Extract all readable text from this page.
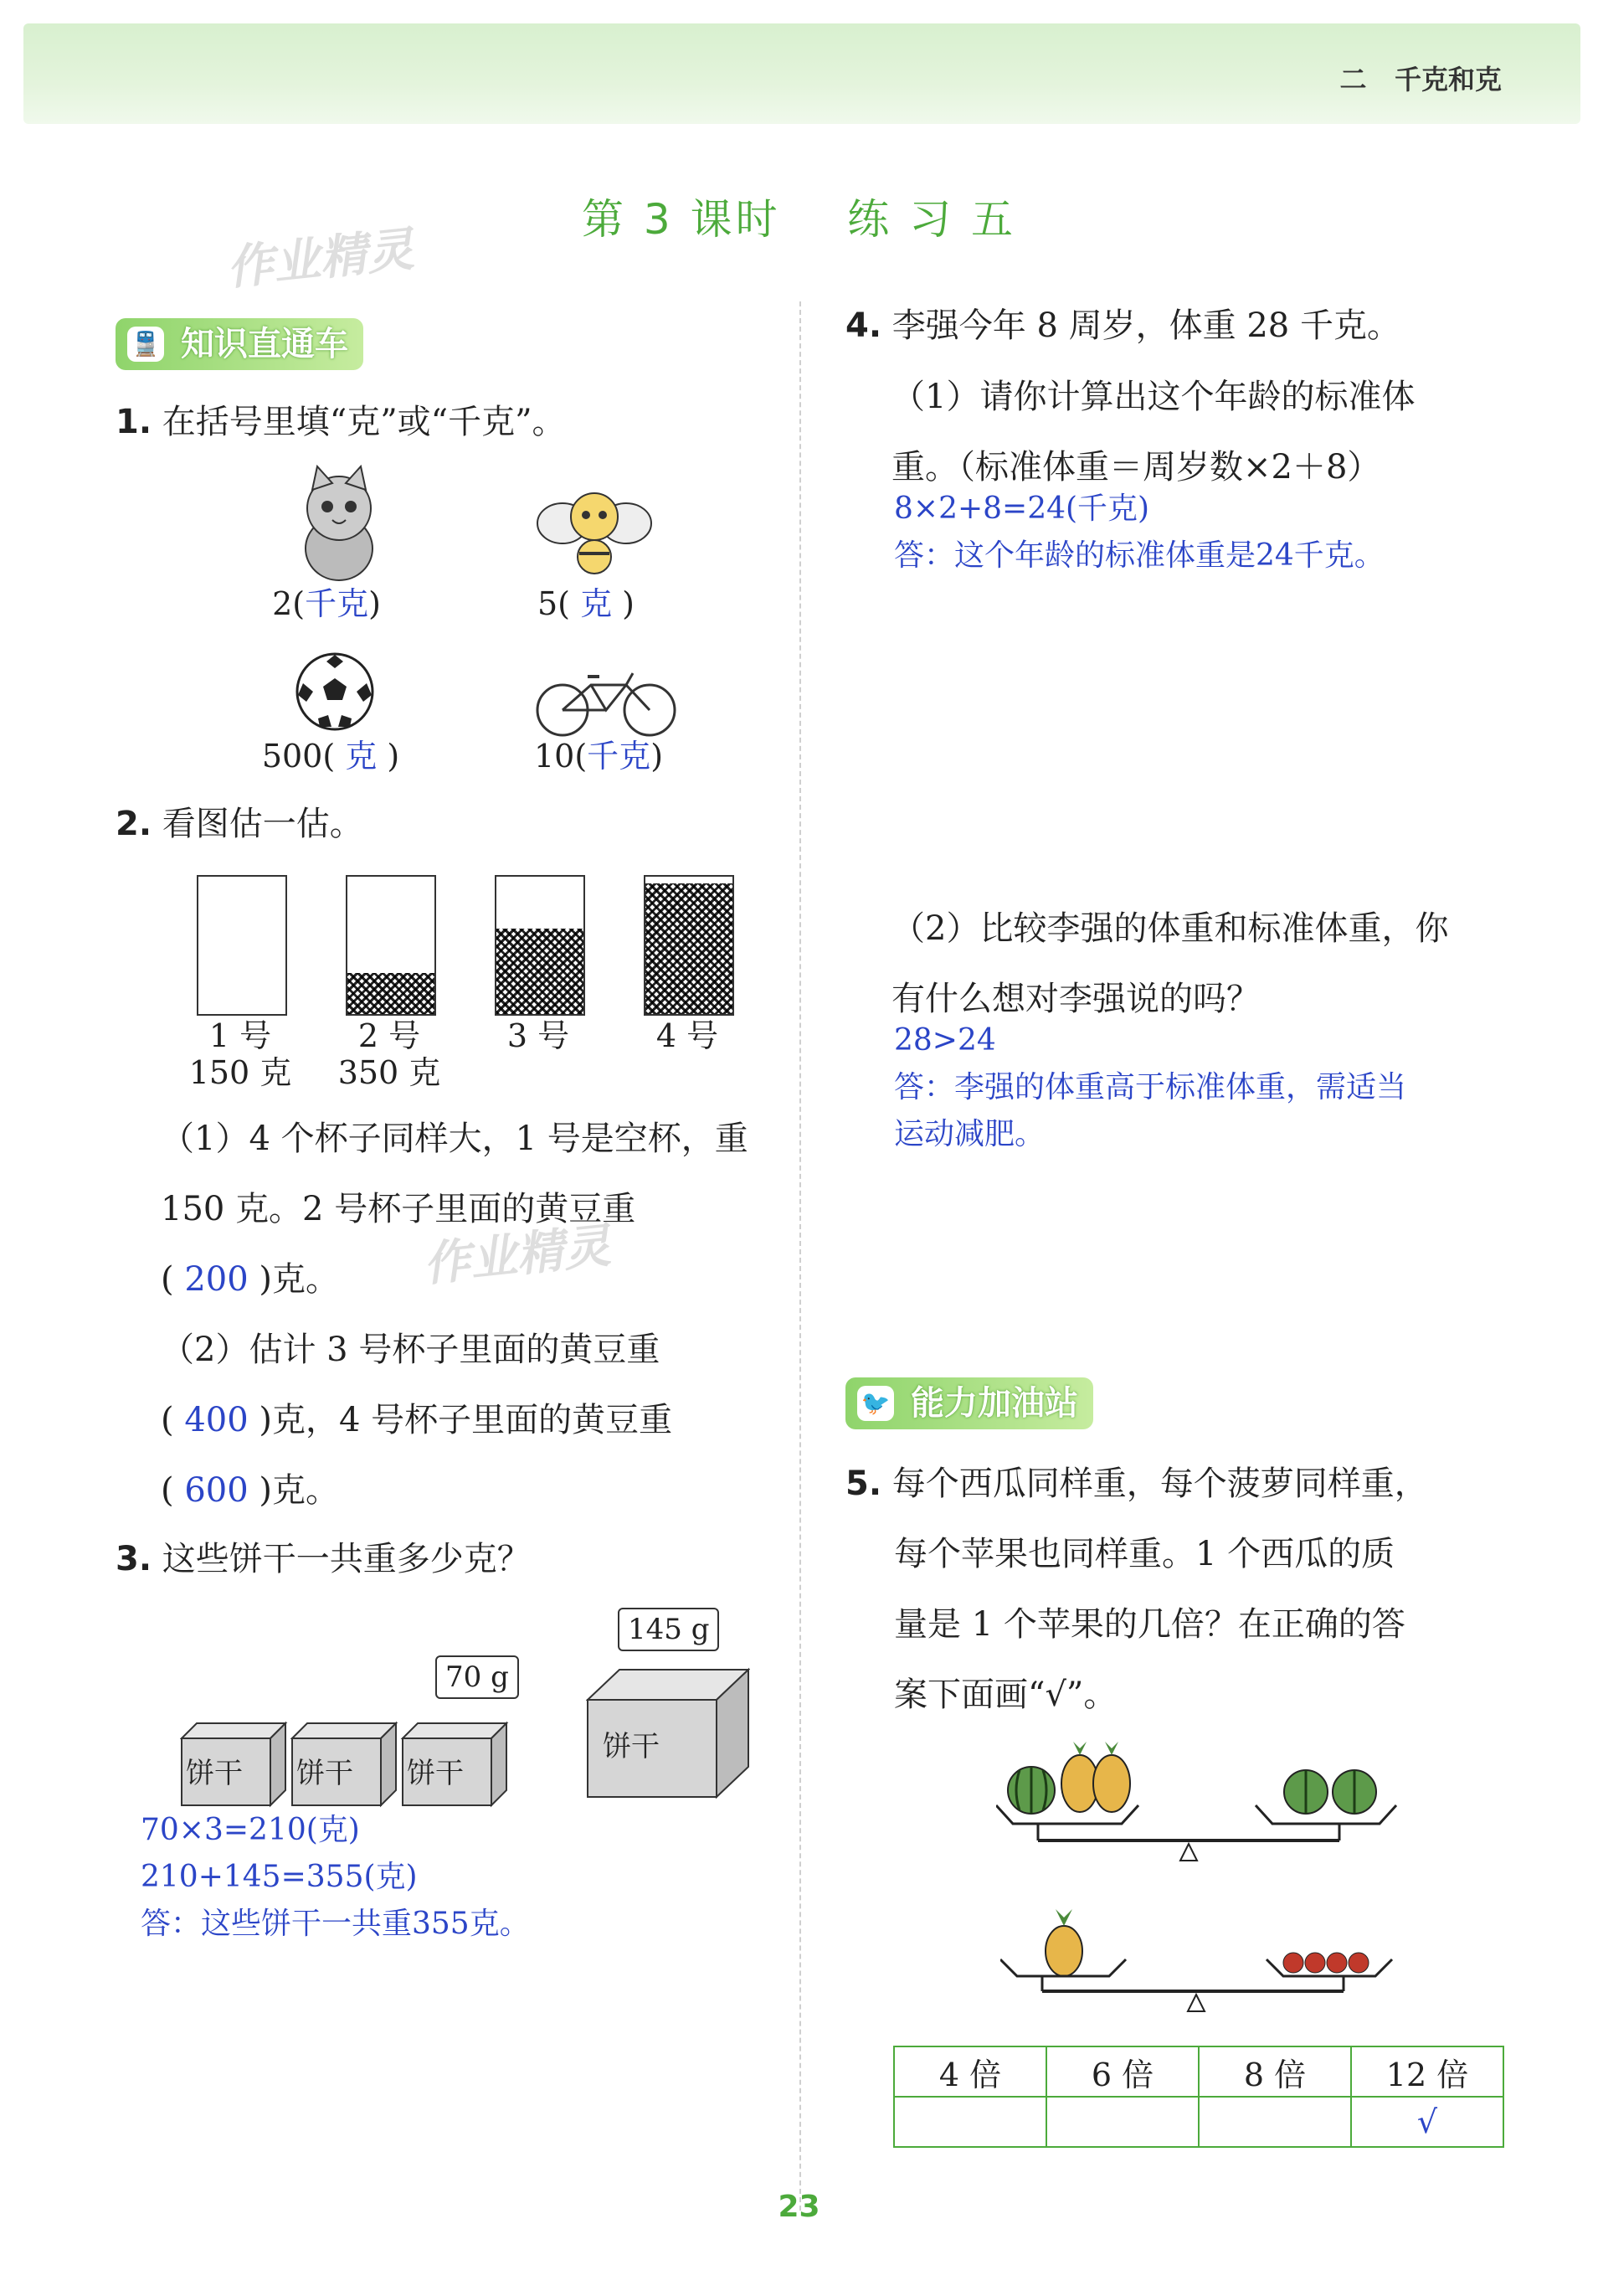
二 千克和克
第 3 课时 练 习 五
作业精灵
作业精灵
🚆 知识直通车
1. 在括号里填“克”或“千克”。
2(千克)	5( 克 )
500( 克 )	10(千克)
2. 看图估一估。
1 号
150 克
2 号
350 克
3 号	4 号
（1）4 个杯子同样大，1 号是空杯，重
150 克。2 号杯子里面的黄豆重
( 200 )克。
（2）估计 3 号杯子里面的黄豆重
( 400 )克，4 号杯子里面的黄豆重
( 600 )克。
3. 这些饼干一共重多少克？
145 g
70 g
饼干 饼干 饼干
饼干
70×3=210(克)
210+145=355(克)
答：这些饼干一共重355克。
4. 李强今年 8 周岁，体重 28 千克。
（1）请你计算出这个年龄的标准体
重。（标准体重＝周岁数×2＋8）
8×2+8=24(千克)
答：这个年龄的标准体重是24千克。
（2）比较李强的体重和标准体重，你
有什么想对李强说的吗？
28>24
答：李强的体重高于标准体重，需适当
运动减肥。
🐦 能力加油站
5. 每个西瓜同样重，每个菠萝同样重，
每个苹果也同样重。1 个西瓜的质
量是 1 个苹果的几倍？在正确的答
案下面画“√”。
4 倍	6 倍	8 倍	12 倍
			√
23
